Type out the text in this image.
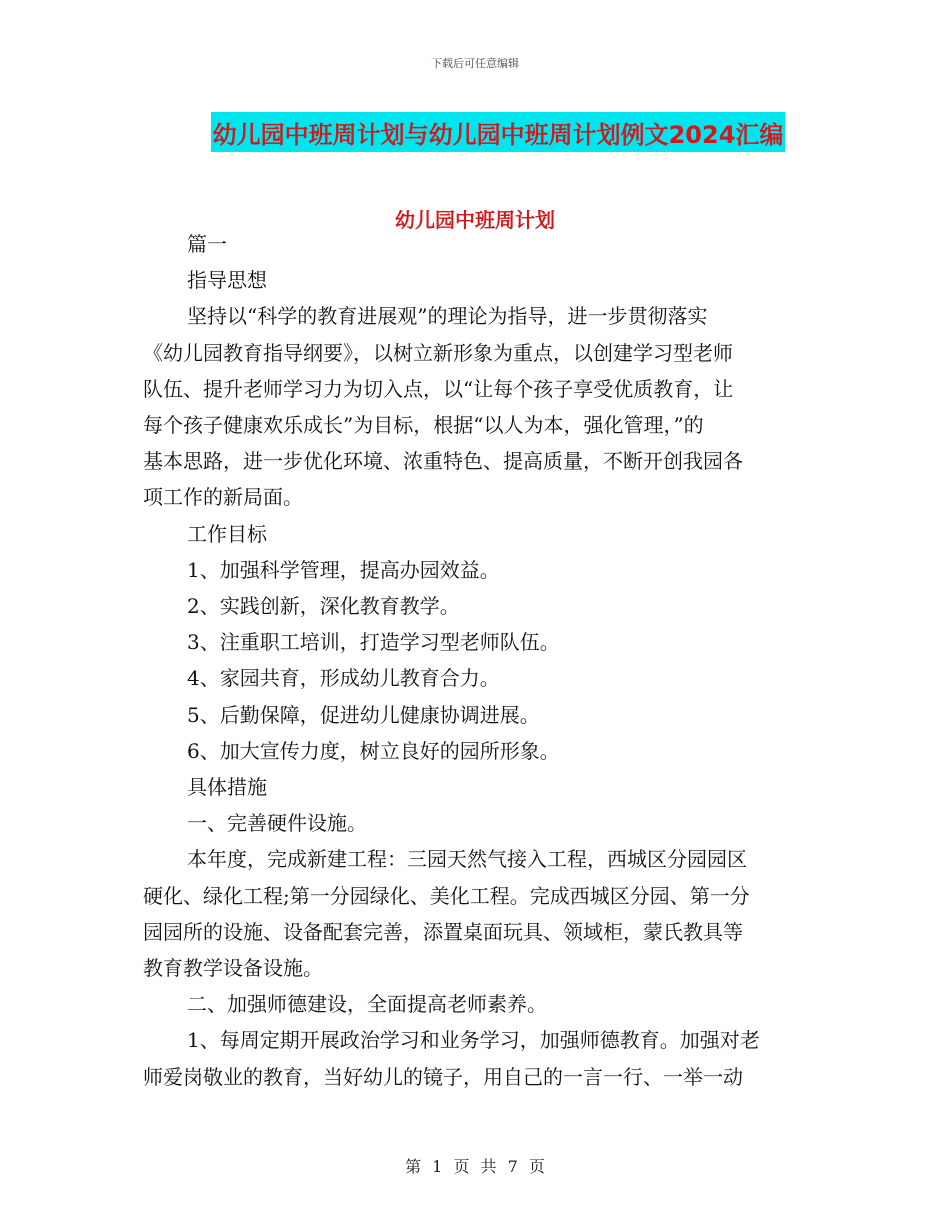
下载后可任意编辑
幼儿园中班周计划与幼儿园中班周计划例文2024汇编
幼儿园中班周计划

篇一

指导思想

坚持以“科学的教育进展观”的理论为指导，进一步贯彻落实

《幼儿园教育指导纲要》，以树立新形象为重点，以创建学习型老师

队伍、提升老师学习力为切入点，以“让每个孩子享受优质教育，让

每个孩子健康欢乐成长”为目标，根据“以人为本，强化管理，”的

基本思路，进一步优化环境、浓重特色、提高质量，不断开创我园各

项工作的新局面。

工作目标

1、加强科学管理，提高办园效益。

2、实践创新，深化教育教学。

3、注重职工培训，打造学习型老师队伍。

4、家园共育，形成幼儿教育合力。

5、后勤保障，促进幼儿健康协调进展。

6、加大宣传力度，树立良好的园所形象。

具体措施

一、完善硬件设施。

本年度，完成新建工程：三园天然气接入工程，西城区分园园区

硬化、绿化工程;第一分园绿化、美化工程。完成西城区分园、第一分

园园所的设施、设备配套完善，添置桌面玩具、领域柜，蒙氏教具等

教育教学设备设施。

二、加强师德建设，全面提高老师素养。

1、每周定期开展政治学习和业务学习，加强师德教育。加强对老

师爱岗敬业的教育，当好幼儿的镜子，用自己的一言一行、一举一动

第 1 页 共 7 页
